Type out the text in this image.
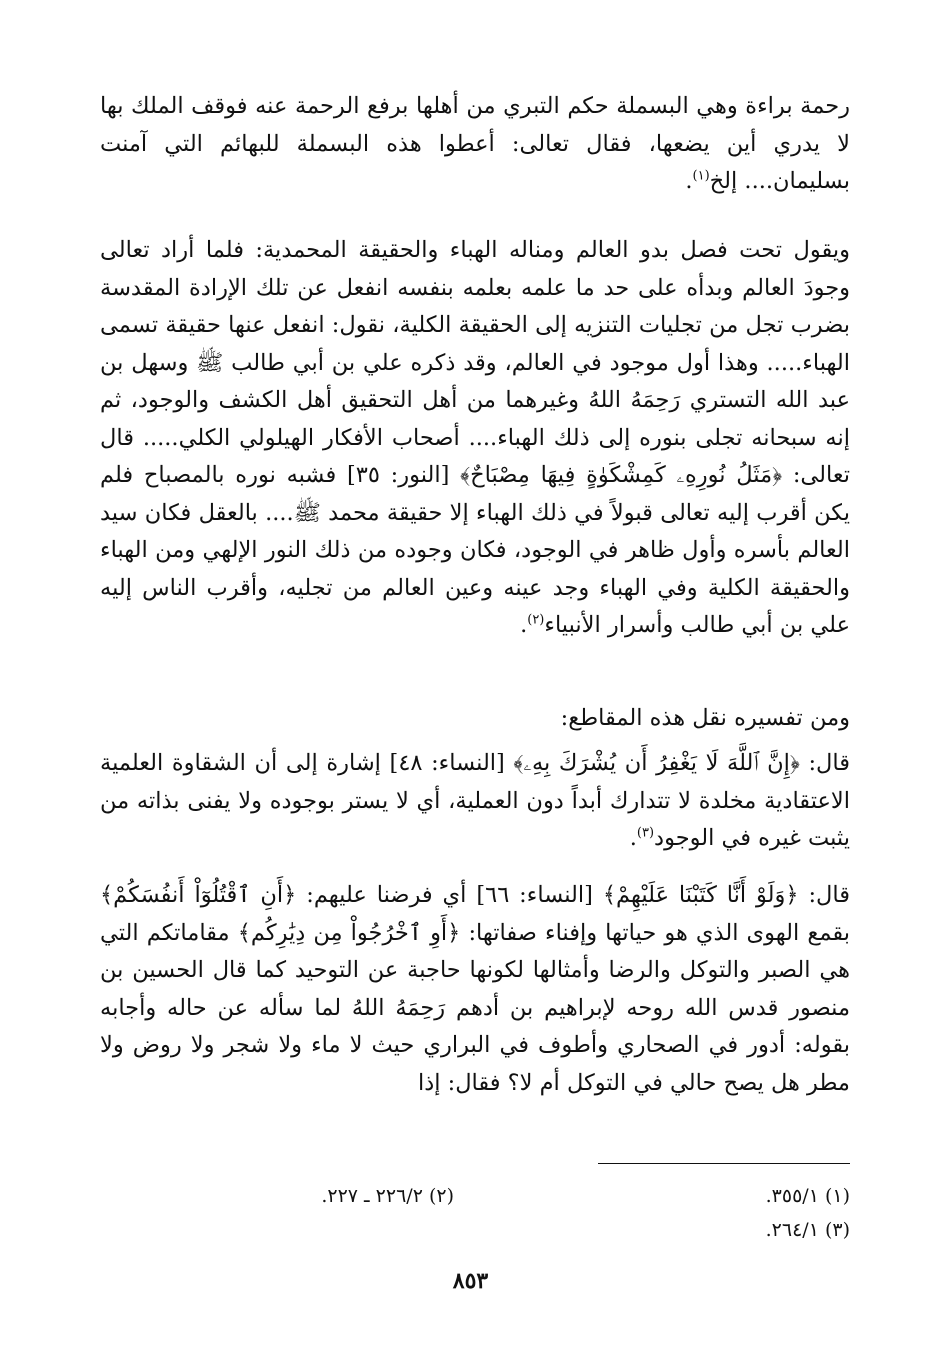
رحمة براءة وهي البسملة حكم التبري من أهلها برفع الرحمة عنه فوقف الملك بها لا يدري أين يضعها، فقال تعالى: أعطوا هذه البسملة للبهائم التي آمنت بسليمان.... إلخ$^{(١)}$.

ويقول تحت فصل بدو العالم ومناله الهباء والحقيقة المحمدية: فلما أراد تعالى وجودَ العالم وبدأه على حد ما علمه بعلمه بنفسه انفعل عن تلك الإرادة المقدسة بضرب تجل من تجليات التنزيه إلى الحقيقة الكلية، نقول: انفعل عنها حقيقة تسمى الهباء..... وهذا أول موجود في العالم، وقد ذكره علي بن أبي طالب ﷺ وسهل بن عبد الله التستري رَحِمَهُ اللهُ وغيرهما من أهل التحقيق أهل الكشف والوجود، ثم إنه سبحانه تجلى بنوره إلى ذلك الهباء.... أصحاب الأفكار الهيلولي الكلي..... قال تعالى: ﴿مَثَلُ نُورِهِۦ كَمِشْكَوٰةٍ فِيهَا مِصْبَاحٌ﴾ [النور: ٣٥] فشبه نوره بالمصباح فلم يكن أقرب إليه تعالى قبولاً في ذلك الهباء إلا حقيقة محمد ﷺ.... بالعقل فكان سيد العالم بأسره وأول ظاهر في الوجود، فكان وجوده من ذلك النور الإلهي ومن الهباء والحقيقة الكلية وفي الهباء وجد عينه وعين العالم من تجليه، وأقرب الناس إليه علي بن أبي طالب وأسرار الأنبياء$^{(٢)}$.

ومن تفسيره نقل هذه المقاطع:

قال: ﴿إِنَّ ٱللَّهَ لَا يَغْفِرُ أَن يُشْرَكَ بِهِۦ﴾ [النساء: ٤٨] إشارة إلى أن الشقاوة العلمية الاعتقادية مخلدة لا تتدارك أبداً دون العملية، أي لا يستر بوجوده ولا يفنى بذاته من يثبت غيره في الوجود$^{(٣)}$.

قال: ﴿وَلَوْ أَنَّا كَتَبْنَا عَلَيْهِمْ﴾ [النساء: ٦٦] أي فرضنا عليهم: ﴿أَنِ ٱقْتُلُوٓاْ أَنفُسَكُمْ﴾ بقمع الهوى الذي هو حياتها وإفناء صفاتها: ﴿أَوِ ٱخْرُجُواْ مِن دِيَٰرِكُم﴾ مقاماتكم التي هي الصبر والتوكل والرضا وأمثالها لكونها حاجبة عن التوحيد كما قال الحسين بن منصور قدس الله روحه لإبراهيم بن أدهم رَحِمَهُ اللهُ لما سأله عن حاله وأجابه بقوله: أدور في الصحاري وأطوف في البراري حيث لا ماء ولا شجر ولا روض ولا مطر هل يصح حالي في التوكل أم لا؟ فقال: إذا

(١) ٣٥٥/١.
(٢) ٢٢٦/٢ ـ ٢٢٧.
(٣) ٢٦٤/١.
٨٥٣
